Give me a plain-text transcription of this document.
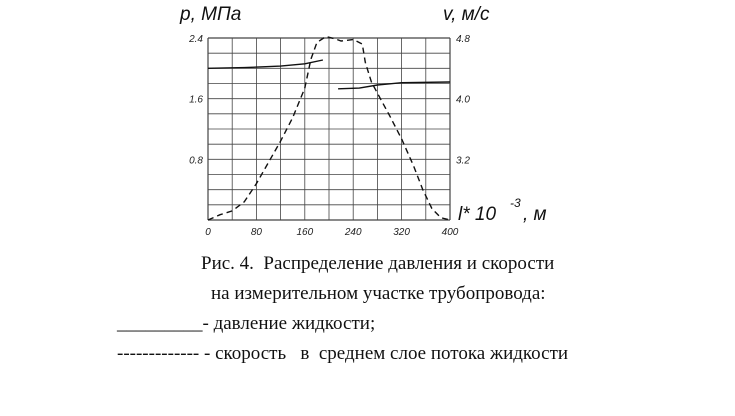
p, МПа	v, м/с
l* 10
-3
, м
0	80	160	240	320	400
0.8
1.6
2.4
3.2
4.0
4.8
Рис. 4.  Распределение давления и скорости
на измерительном участке трубопровода:
_________- давление жидкости;
------------- - скорость   в  среднем слое потока жидкости
